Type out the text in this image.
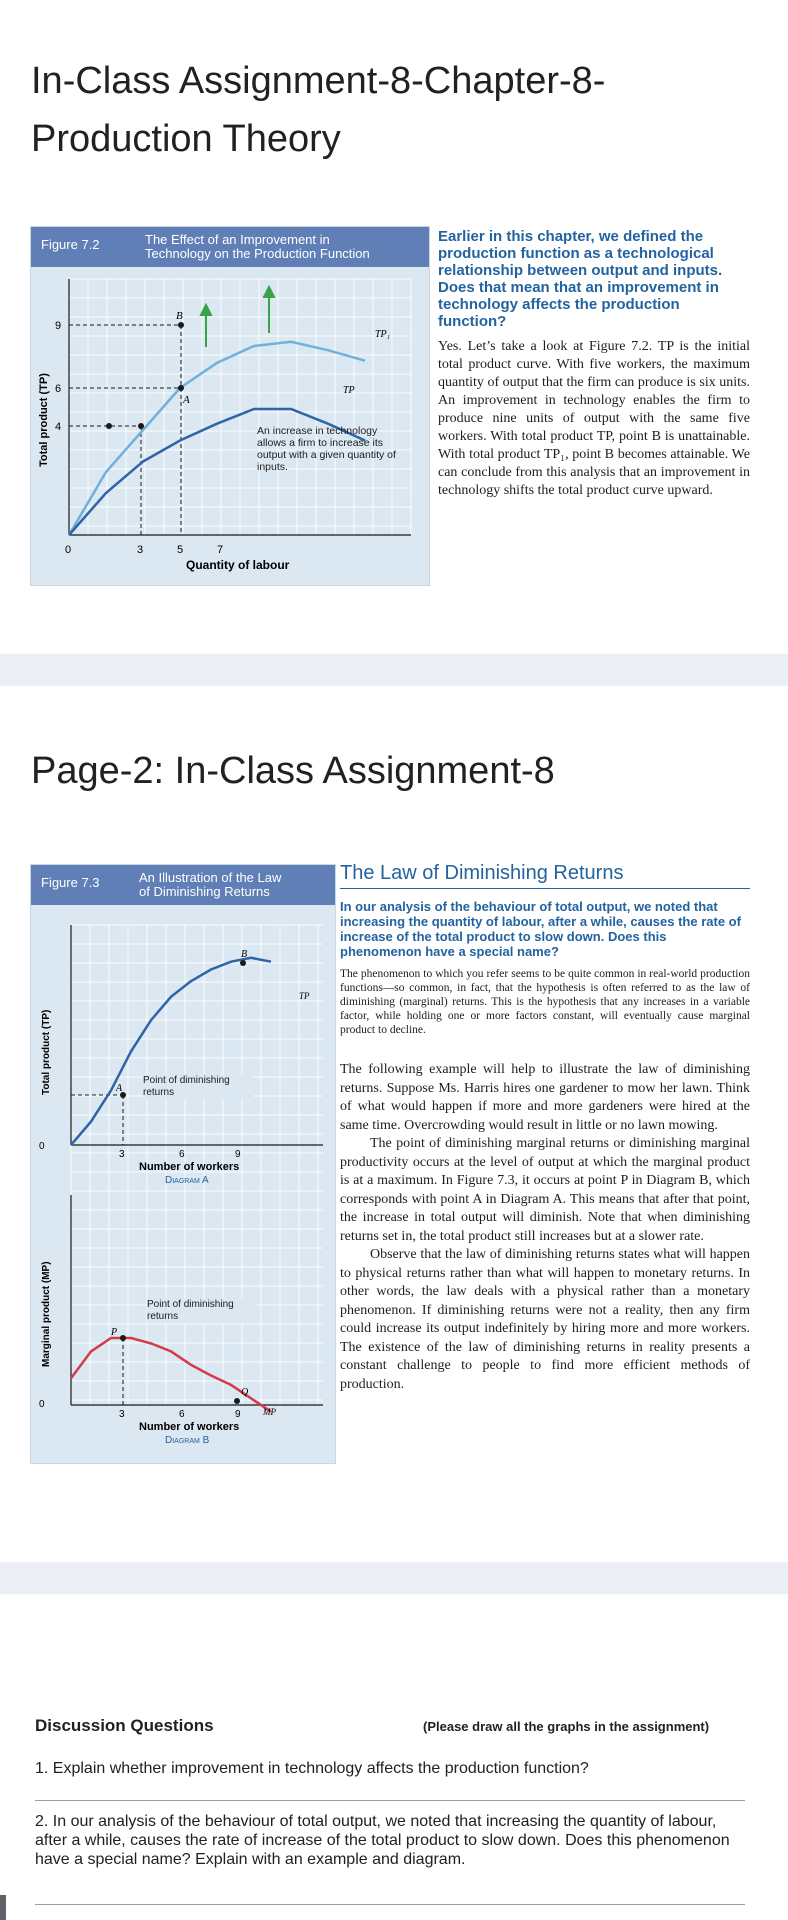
In-Class Assignment-8-Chapter-8-Production Theory
Figure 7.2	The Effect of an Improvement in Technology on the Production Function
B
A
TP₁
TP
9
6
4
0	3	5	7
Quantity of labour
Total product (TP)	An increase in technology allows a firm to increase its output with a given quantity of inputs.
Earlier in this chapter, we defined the production function as a technological relationship between output and inputs. Does that mean that an improvement in technology affects the production function?
Yes. Let’s take a look at Figure 7.2. TP is the initial total product curve. With five workers, the maximum quantity of output that the firm can produce is six units. An improvement in technology enables the firm to produce nine units of output with the same five workers. With total product TP, point B is unattainable. With total product TP₁, point B becomes attainable. We can conclude from this analysis that an improvement in technology shifts the total product curve upward.
Page-2: In-Class Assignment-8
Figure 7.3	An Illustration of the Law of Diminishing Returns
A
B
TP
0
3	6	9
Number of workers
Diagram A
Total product (TP)
P
Q
MP
0
3	6	9
Number of workers
Diagram B
Marginal product (MP)
Point of diminishing returns
Point of diminishing returns
The Law of Diminishing Returns
In our analysis of the behaviour of total output, we noted that increasing the quantity of labour, after a while, causes the rate of increase of the total product to slow down. Does this phenomenon have a special name?
The phenomenon to which you refer seems to be quite common in real-world production functions—so common, in fact, that the hypothesis is often referred to as the law of diminishing (marginal) returns. This is the hypothesis that any increases in a variable factor, while holding one or more factors constant, will eventually cause marginal product to decline.
The following example will help to illustrate the law of diminishing returns. Suppose Ms. Harris hires one gardener to mow her lawn. Think of what would happen if more and more gardeners were hired at the same time. Overcrowding would result in little or no lawn mowing.
The point of diminishing marginal returns or diminishing marginal productivity occurs at the level of output at which the marginal product is at a maximum. In Figure 7.3, it occurs at point P in Diagram B, which corresponds with point A in Diagram A. This means that after that point, the increase in total output will diminish. Note that when diminishing returns set in, the total product still increases but at a slower rate.
Observe that the law of diminishing returns states what will happen to physical returns rather than what will happen to monetary returns. In other words, the law deals with a physical rather than a monetary phenomenon. If diminishing returns were not a reality, then any firm could increase its output indefinitely by hiring more and more workers. The existence of the law of diminishing returns in reality presents a constant challenge to people to find more efficient methods of production.
Discussion Questions	(Please draw all the graphs in the assignment)
1. Explain whether improvement in technology affects the production function?
2. In our analysis of the behaviour of total output, we noted that increasing the quantity of labour, after a while, causes the rate of increase of the total product to slow down. Does this phenomenon have a special name? Explain with an example and diagram.
